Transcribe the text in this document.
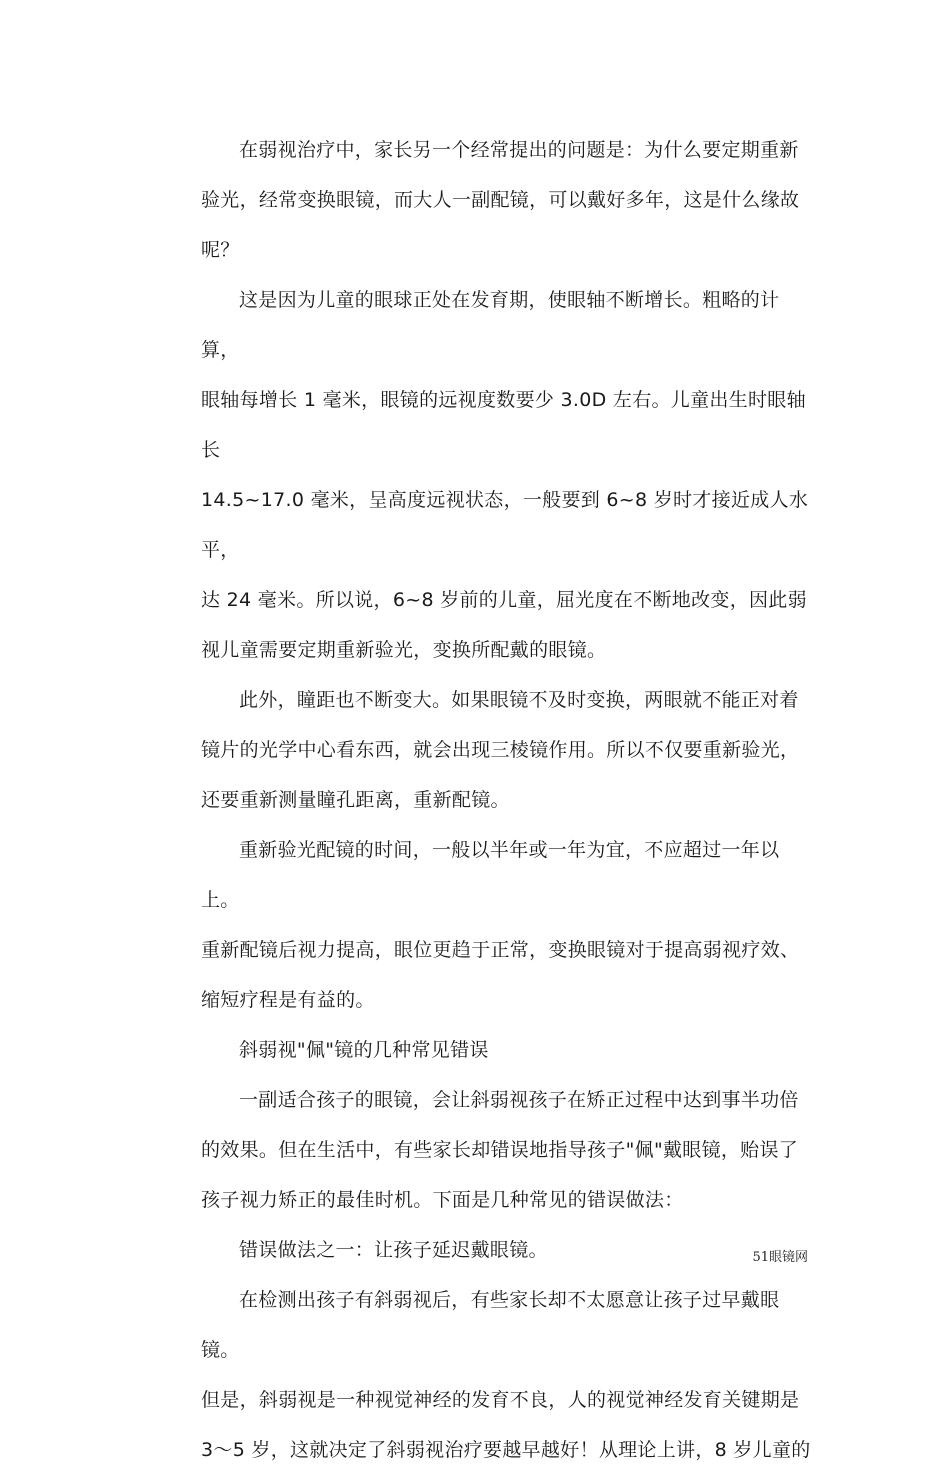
在弱视治疗中，家长另一个经常提出的问题是：为什么要定期重新
验光，经常变换眼镜，而大人一副配镜，可以戴好多年，这是什么缘故
呢？

这是因为儿童的眼球正处在发育期，使眼轴不断增长。粗略的计算，
眼轴每增长 1 毫米，眼镜的远视度数要少 3.0D 左右。儿童出生时眼轴长
14.5~17.0 毫米，呈高度远视状态，一般要到 6~8 岁时才接近成人水平，
达 24 毫米。所以说，6~8 岁前的儿童，屈光度在不断地改变，因此弱
视儿童需要定期重新验光，变换所配戴的眼镜。

此外，瞳距也不断变大。如果眼镜不及时变换，两眼就不能正对着
镜片的光学中心看东西，就会出现三棱镜作用。所以不仅要重新验光，
还要重新测量瞳孔距离，重新配镜。

重新验光配镜的时间，一般以半年或一年为宜，不应超过一年以上。
重新配镜后视力提高，眼位更趋于正常，变换眼镜对于提高弱视疗效、
缩短疗程是有益的。

斜弱视"佩"镜的几种常见错误

一副适合孩子的眼镜，会让斜弱视孩子在矫正过程中达到事半功倍
的效果。但在生活中，有些家长却错误地指导孩子"佩"戴眼镜，贻误了
孩子视力矫正的最佳时机。下面是几种常见的错误做法：

错误做法之一：让孩子延迟戴眼镜。

在检测出孩子有斜弱视后，有些家长却不太愿意让孩子过早戴眼镜。
但是，斜弱视是一种视觉神经的发育不良，人的视觉神经发育关键期是
3～5 岁，这就决定了斜弱视治疗要越早越好！从理论上讲，8 岁儿童的

51眼镜网
